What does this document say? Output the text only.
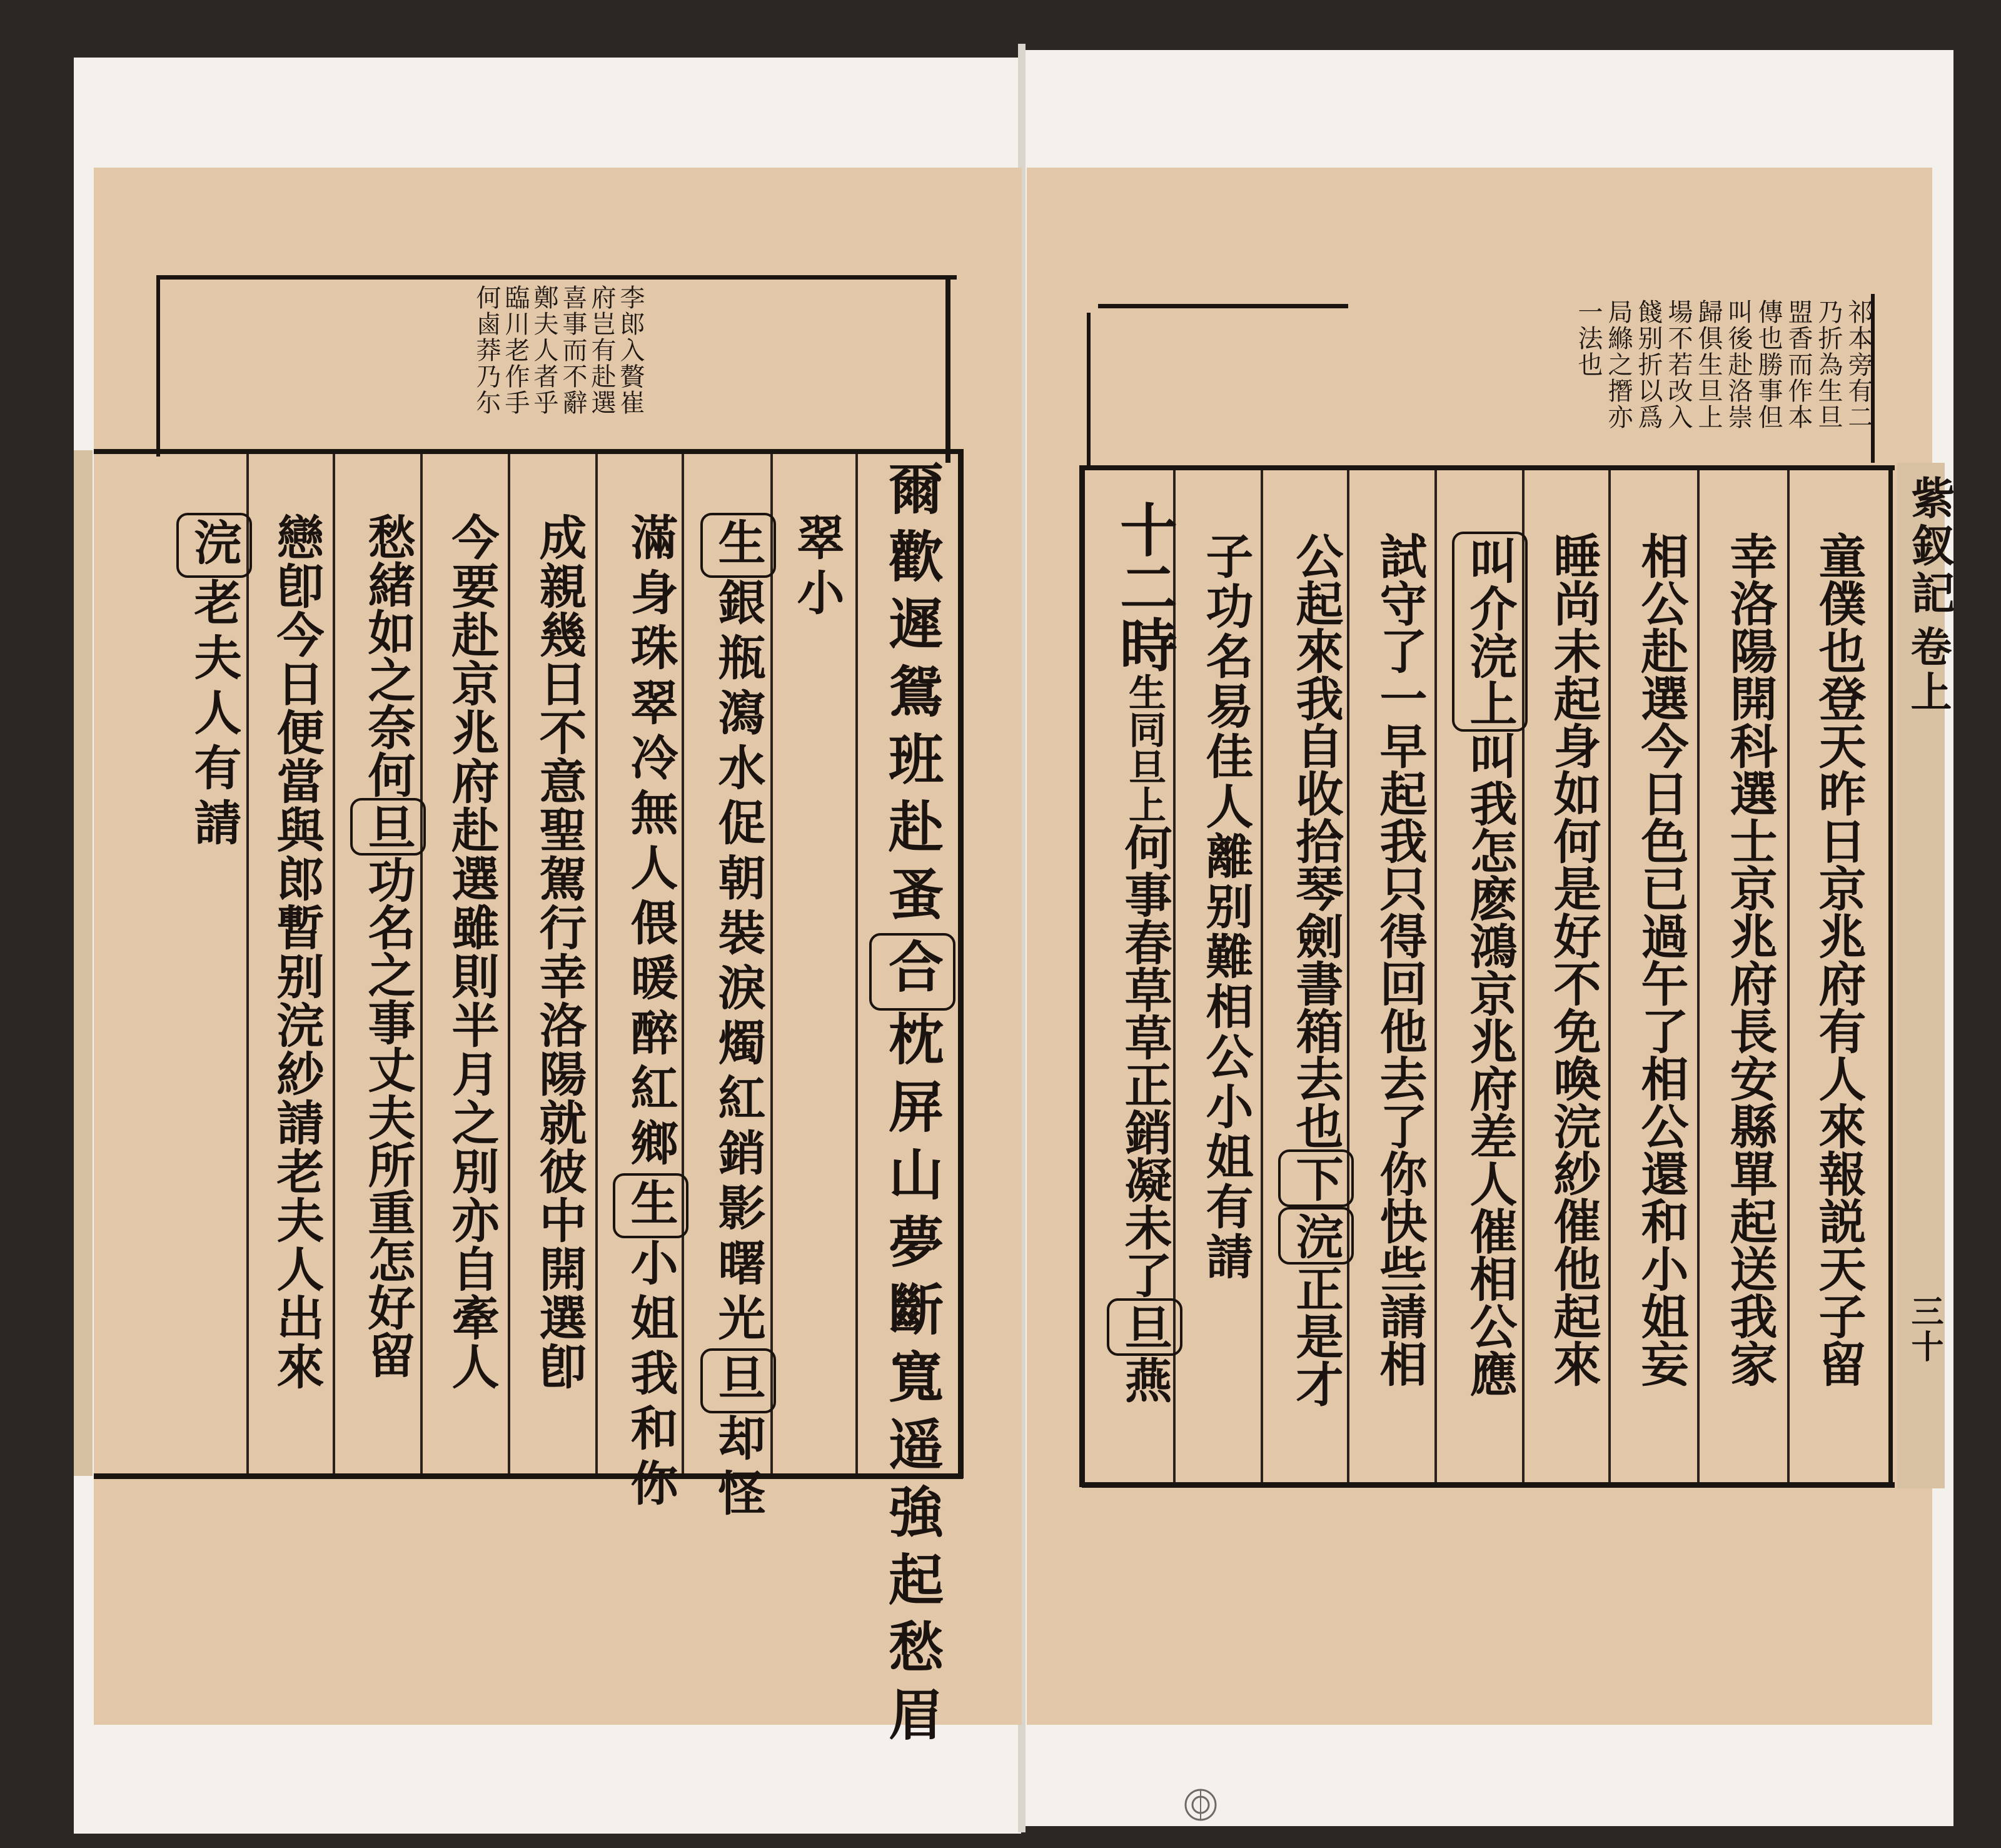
李郎入贅崔
府岂有赴選
喜事而不辭
鄭夫人者乎
臨川老作手
何鹵莽乃尓
爾歡遲鴛班赴蚤合枕屏山夢斷寬遥強起愁眉
翠小
生銀瓶瀉水促朝裝淚燭紅銷影曙光旦却怪
滿身珠翠冷無人偎暖醉紅鄉生小姐我和你
成親幾日不意聖駕行幸洛陽就彼中開選卽
今要赴京兆府赴選雖則半月之別亦自牽人
愁緒如之奈何旦功名之事丈夫所重怎好留
戀卽今日便當與郎暫别浣紗請老夫人出來
浣老夫人有請
祁本旁有二
乃折為生旦
盟香而作本
傳也勝事但
叫後赴洛崇
歸俱生旦上
場不若改入
餞别折以爲
局縧之撍亦
一法也
童僕也登天昨日京兆府有人來報説天子留
幸洛陽開科選士京兆府長安縣單起送我家
相公赴選今日色已過午了相公還和小姐妄
睡尚未起身如何是好不免喚浣紗催他起來
叫介浣上叫我怎麽鴻京兆府差人催相公應
試守了一早起我只得回他去了你快些請相
公起來我自收拾琴劍書箱去也下浣正是才
子功名易佳人離别難相公小姐有請
十二時生同旦上何事春草草正銷凝未了旦燕
紫釵記
卷上
三十
